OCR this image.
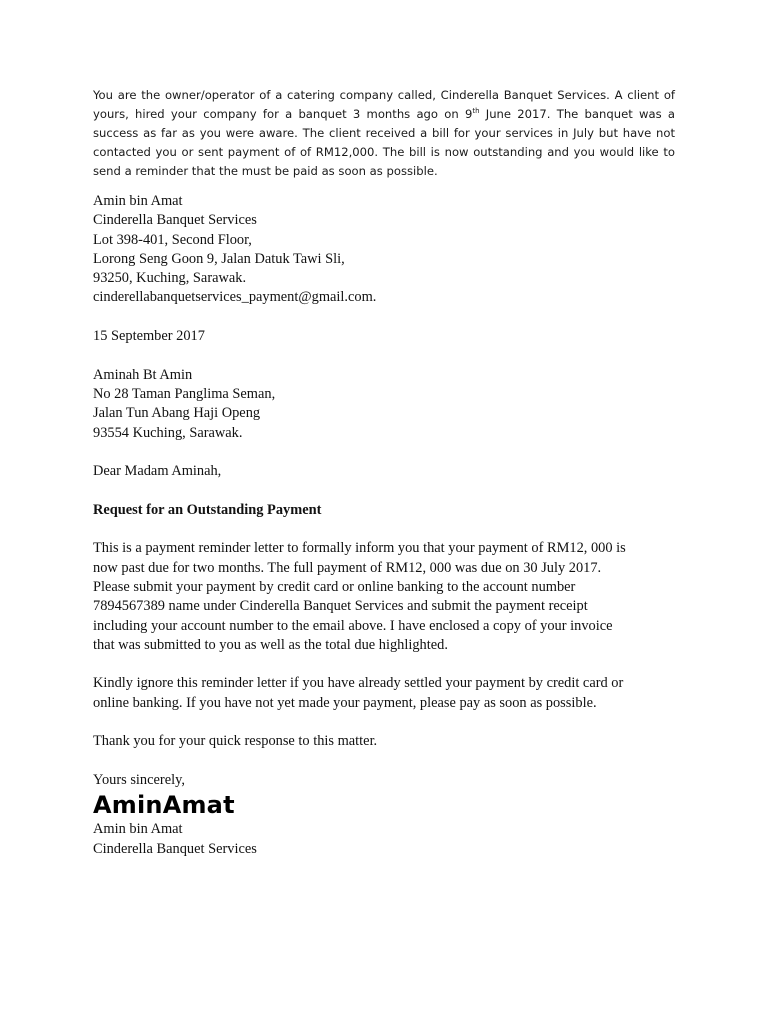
You are the owner/operator of a catering company called, Cinderella Banquet Services. A client of yours, hired your company for a banquet 3 months ago on 9th June 2017. The banquet was a success as far as you were aware. The client received a bill for your services in July but have not contacted you or sent payment of of RM12,000. The bill is now outstanding and you would like to send a reminder that the must be paid as soon as possible.

Amin bin Amat
Cinderella Banquet Services
Lot 398-401, Second Floor,
Lorong Seng Goon 9, Jalan Datuk Tawi Sli,
93250, Kuching, Sarawak.
cinderellabanquetservices_payment@gmail.com.
15 September 2017
Aminah Bt Amin
No 28 Taman Panglima Seman,
Jalan Tun Abang Haji Openg
93554 Kuching, Sarawak.
Dear Madam Aminah,
Request for an Outstanding Payment
This is a payment reminder letter to formally inform you that your payment of RM12, 000 is
now past due for two months. The full payment of RM12, 000 was due on 30 July 2017.
Please submit your payment by credit card or online banking to the account number
7894567389 name under Cinderella Banquet Services and submit the payment receipt
including your account number to the email above. I have enclosed a copy of your invoice
that was submitted to you as well as the total due highlighted.
Kindly ignore this reminder letter if you have already settled your payment by credit card or
online banking. If you have not yet made your payment, please pay as soon as possible.
Thank you for your quick response to this matter.
Yours sincerely,
AminAmat
Amin bin Amat
Cinderella Banquet Services
